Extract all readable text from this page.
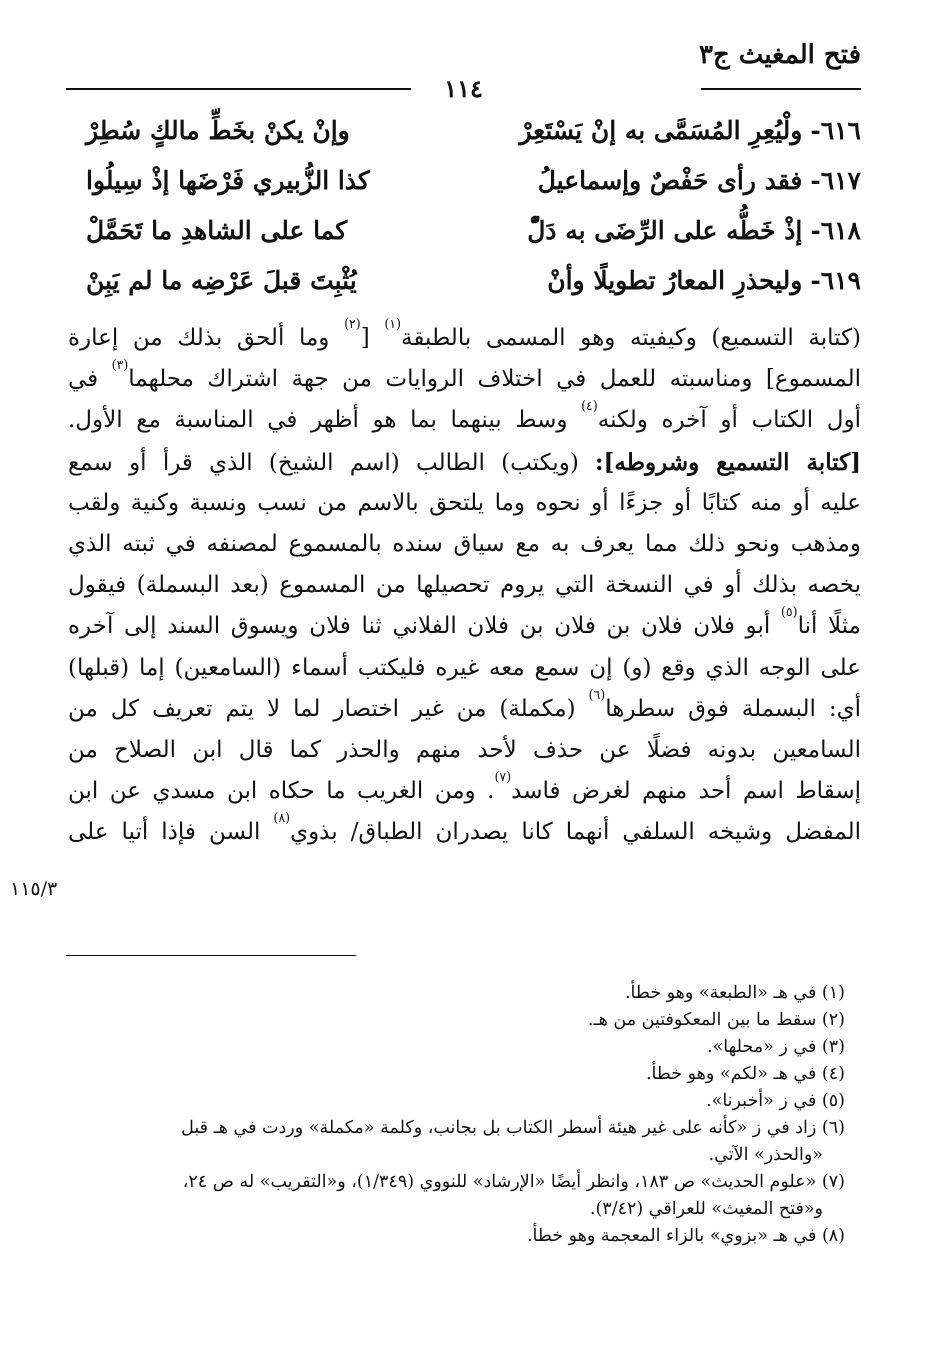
فتح المغيث ج٣
١١٤
٦١٦-ولْيُعِرِ المُسَمَّى به إنْ يَسْتَعِرْ
وإنْ يكنْ بخَطِّ مالكٍ سُطِرْ
٦١٧-فقد رأى حَفْصٌ وإسماعيلُ
كذا الزُّبيري فَرْضَها إذْ سِيلُوا
٦١٨-إذْ خَطُّه على الرِّضَى به دَلّْ
كما على الشاهدِ ما تَحَمَّلْ
٦١٩-وليحذرِ المعارُ تطويلًا وأنْ
يُثْبِتَ قبلَ عَرْضِه ما لم يَبِنْ
(كتابة التسميع) وكيفيته وهو المسمى بالطبقة$^{(١)}$ [$^{(٢)}$ وما ألحق بذلك من إعارة
المسموع] ومناسبته للعمل في اختلاف الروايات من جهة اشتراك محلهما$^{(٣)}$ في
أول الكتاب أو آخره ولكنه$^{(٤)}$ وسط بينهما بما هو أظهر في المناسبة مع الأول.
[كتابة التسميع وشروطه]: (ويكتب) الطالب (اسم الشيخ) الذي قرأ أو سمع
عليه أو منه كتابًا أو جزءًا أو نحوه وما يلتحق بالاسم من نسب ونسبة وكنية ولقب
ومذهب ونحو ذلك مما يعرف به مع سياق سنده بالمسموع لمصنفه في ثبته الذي
يخصه بذلك أو في النسخة التي يروم تحصيلها من المسموع (بعد البسملة) فيقول
مثلًا أنا$^{(٥)}$ أبو فلان فلان بن فلان بن فلان الفلاني ثنا فلان ويسوق السند إلى آخره
على الوجه الذي وقع (و) إن سمع معه غيره فليكتب أسماء (السامعين) إما (قبلها)
أي: البسملة فوق سطرها$^{(٦)}$ (مكملة) من غير اختصار لما لا يتم تعريف كل من
السامعين بدونه فضلًا عن حذف لأحد منهم والحذر كما قال ابن الصلاح من
إسقاط اسم أحد منهم لغرض فاسد$^{(٧)}$. ومن الغريب ما حكاه ابن مسدي عن ابن
المفضل وشيخه السلفي أنهما كانا يصدران الطباق/ بذوي$^{(٨)}$ السن فإذا أتيا على
١١٥/٣
(١) في هـ «الطبعة» وهو خطأ.
(٢) سقط ما بين المعكوفتين من هـ.
(٣) في ز «محلها».
(٤) في هـ «لكم» وهو خطأ.
(٥) في ز «أخبرنا».
(٦) زاد في ز «كأنه على غير هيئة أسطر الكتاب بل بجانب، وكلمة «مكملة» وردت في هـ قبل
«والحذر» الآتي.
(٧) «علوم الحديث» ص ١٨٣، وانظر أيضًا «الإرشاد» للنووي (١/٣٤٩)، و«التقريب» له ص ٢٤،
و«فتح المغيث» للعراقي (٣/٤٢).
(٨) في هـ «بزوي» بالزاء المعجمة وهو خطأ.
